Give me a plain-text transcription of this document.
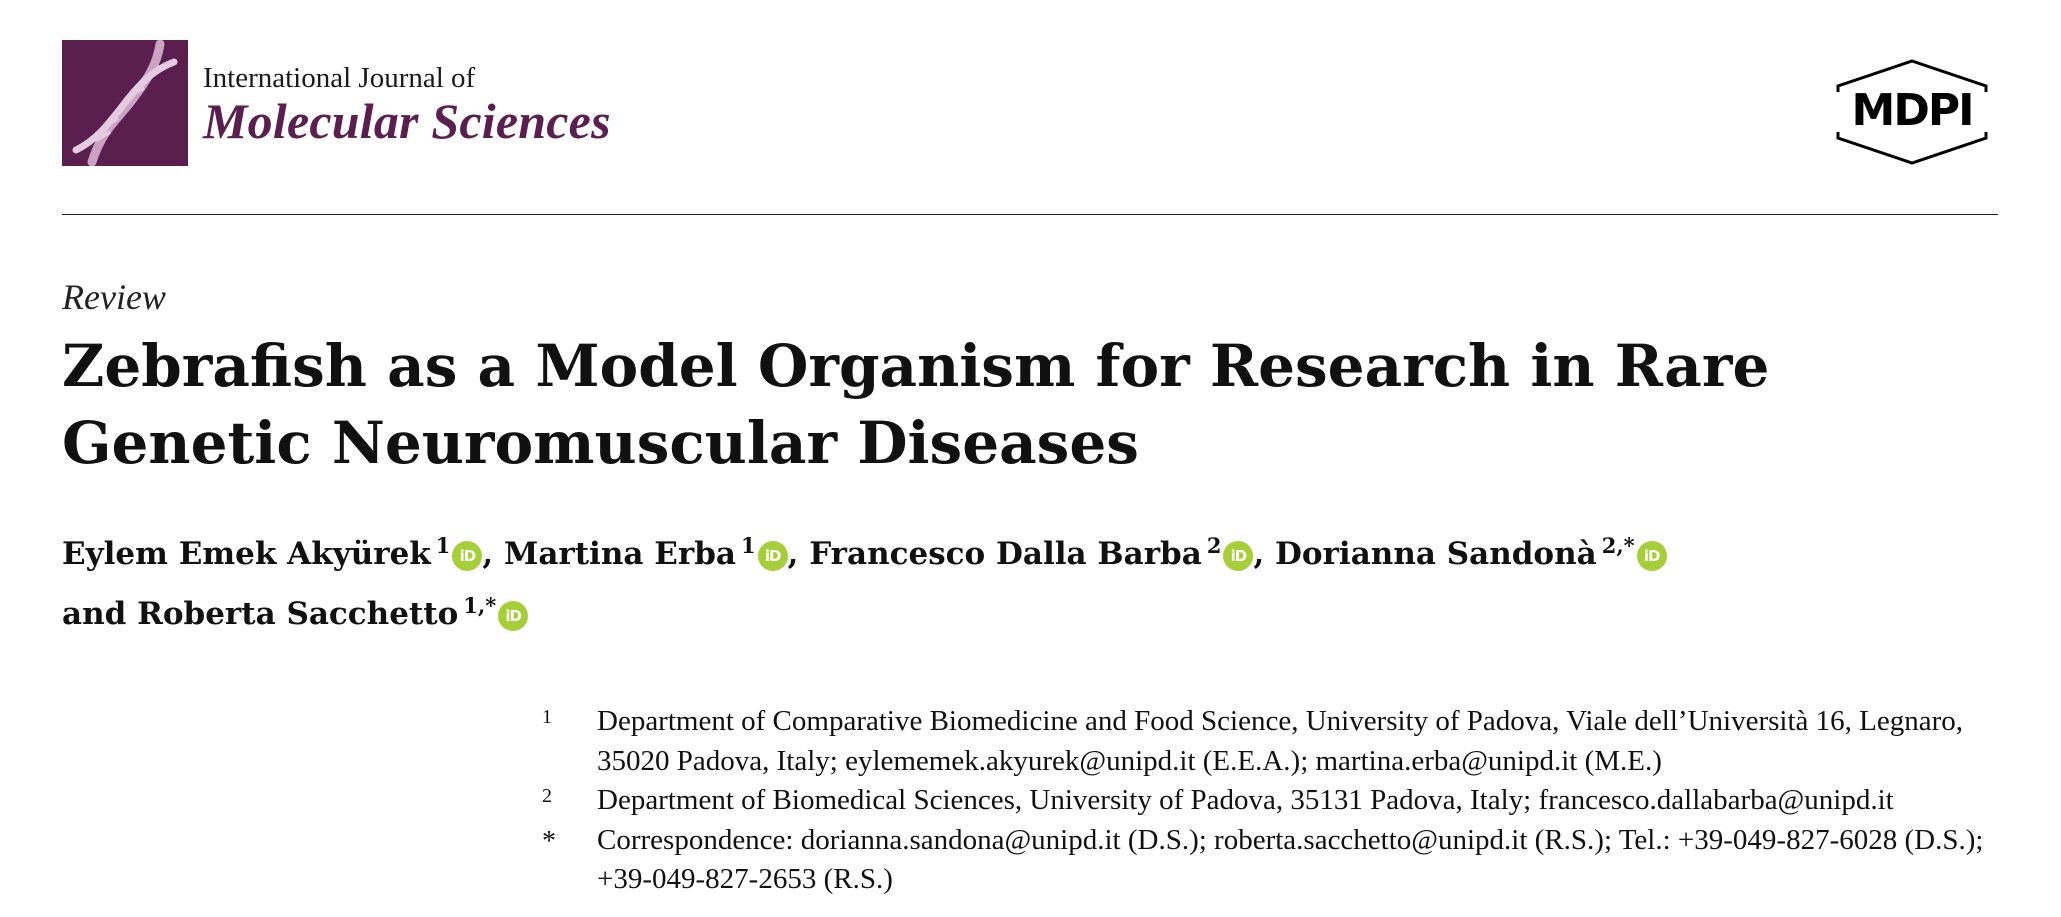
International Journal of
Molecular Sciences	MDPI
Review
Zebrafish as a Model Organism for Research in Rare Genetic Neuromuscular Diseases
Eylem Emek Akyürek $^1$ iD , Martina Erba $^1$ iD , Francesco Dalla Barba $^2$ iD , Dorianna Sandonà $^{2,*}$ iD
and Roberta Sacchetto $^{1,*}$ iD
1	Department of Comparative Biomedicine and Food Science, University of Padova, Viale dell’Università 16, Legnaro, 35020 Padova, Italy; eylememek.akyurek@unipd.it (E.E.A.); martina.erba@unipd.it (M.E.)
2	Department of Biomedical Sciences, University of Padova, 35131 Padova, Italy; francesco.dallabarba@unipd.it
*	Correspondence: dorianna.sandona@unipd.it (D.S.); roberta.sacchetto@unipd.it (R.S.); Tel.: +39-049-827-6028 (D.S.); +39-049-827-2653 (R.S.)
